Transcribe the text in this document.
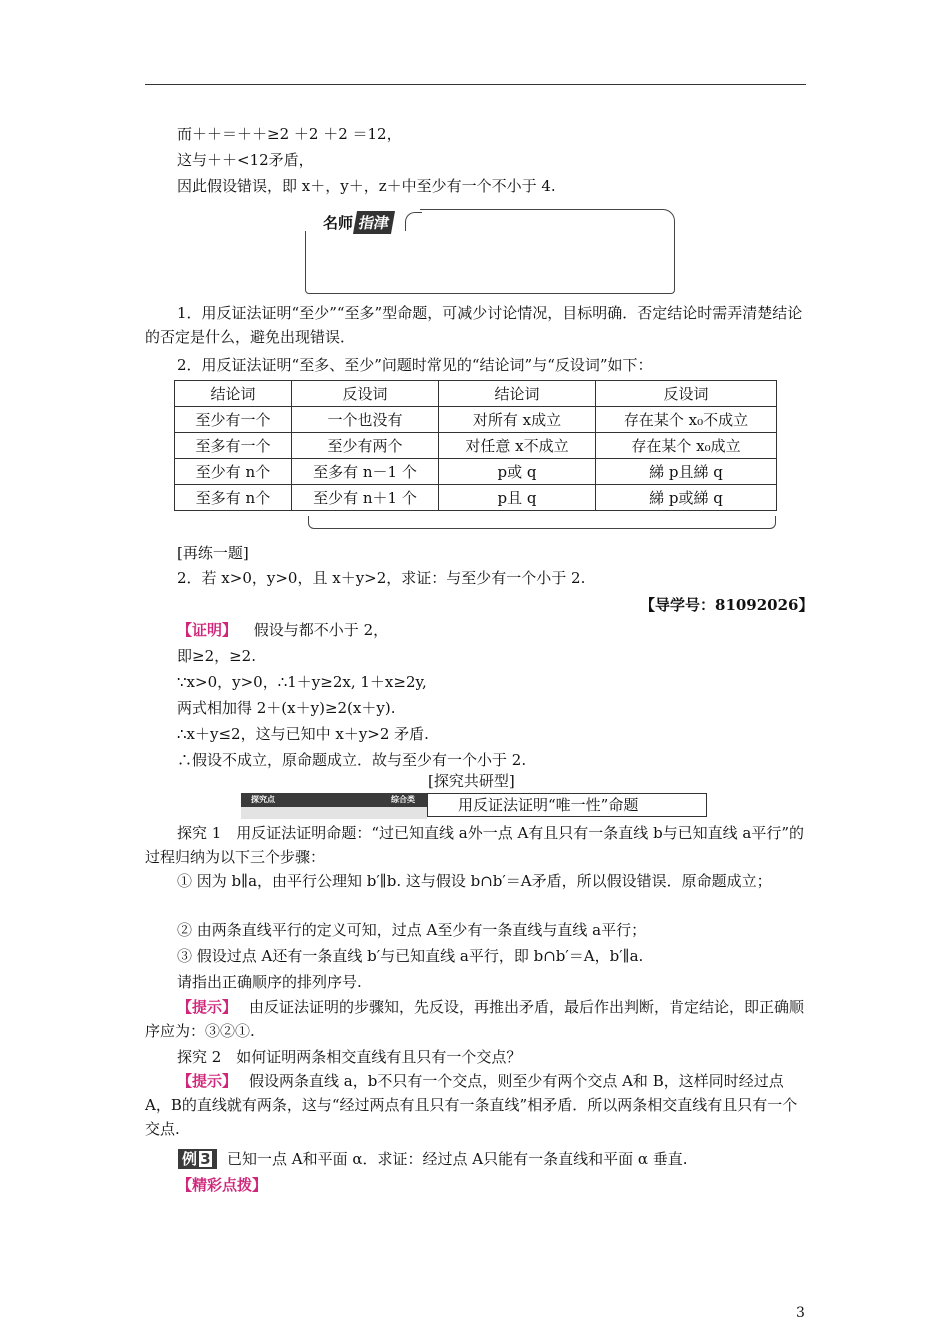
而＋＋＝＋＋≥2 ＋2 ＋2 ＝12，
这与＋＋<12矛盾，
因此假设错误，即 x＋，y＋，z＋中至少有一个不小于 4.
名师 指津
1．用反证法证明“至少”“至多”型命题，可减少讨论情况，目标明确．否定结论时需弄清楚结论的否定是什么，避免出现错误．
2．用反证法证明“至多、至少”问题时常见的“结论词”与“反设词”如下：
结论词	反设词	结论词	反设词
至少有一个	一个也没有	对所有 x成立	存在某个 x₀不成立
至多有一个	至少有两个	对任意 x不成立	存在某个 x₀成立
至少有 n个	至多有 n－1 个	p或 q	綈 p且綈 q
至多有 n个	至少有 n＋1 个	p且 q	綈 p或綈 q
[再练一题]
2．若 x>0，y>0，且 x＋y>2，求证：与至少有一个小于 2.
【导学号：81092026】
【证明】 假设与都不小于 2，
即≥2，≥2.
∵x>0，y>0，∴1＋y≥2x, 1＋x≥2y,
两式相加得 2＋(x＋y)≥2(x＋y).
∴x＋y≤2，这与已知中 x＋y>2 矛盾.
∴假设不成立，原命题成立．故与至少有一个小于 2.
[探究共研型]
探究点	综合类	用反证法证明“唯一性”命题
探究 1　用反证法证明命题：“过已知直线 a外一点 A有且只有一条直线 b与已知直线 a平行”的过程归纳为以下三个步骤：
① 因为 b∥a，由平行公理知 b′∥b. 这与假设 b∩b′＝A矛盾，所以假设错误．原命题成立；
② 由两条直线平行的定义可知，过点 A至少有一条直线与直线 a平行；
③ 假设过点 A还有一条直线 b′与已知直线 a平行，即 b∩b′＝A，b′∥a.
请指出正确顺序的排列序号.
【提示】 由反证法证明的步骤知，先反设，再推出矛盾，最后作出判断，肯定结论，即正确顺序应为：③②①.
探究 2　如何证明两条相交直线有且只有一个交点？
【提示】 假设两条直线 a，b不只有一个交点，则至少有两个交点 A和 B，这样同时经过点 A，B的直线就有两条，这与“经过两点有且只有一条直线”相矛盾．所以两条相交直线有且只有一个交点.
例 3 已知一点 A和平面 α．求证：经过点 A只能有一条直线和平面 α 垂直.
【精彩点拨】
3
